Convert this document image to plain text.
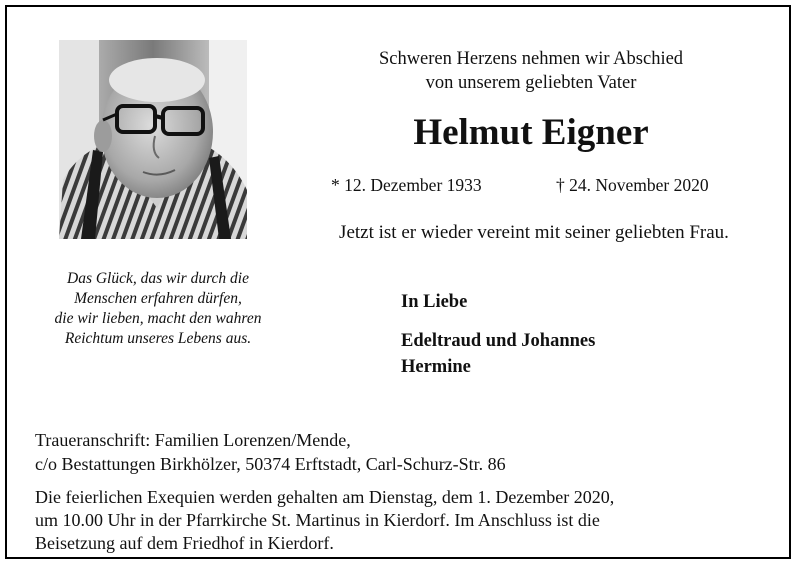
Das Glück, das wir durch die
Menschen erfahren dürfen,
die wir lieben, macht den wahren
Reichtum unseres Lebens aus.
Schweren Herzens nehmen wir Abschied
von unserem geliebten Vater
Helmut Eigner
* 12. Dezember 1933	† 24. November 2020
Jetzt ist er wieder vereint mit seiner geliebten Frau.
In Liebe
Edeltraud und Johannes
Hermine
Traueranschrift: Familien Lorenzen/Mende,
c/o Bestattungen Birkhölzer, 50374 Erftstadt, Carl-Schurz-Str. 86
Die feierlichen Exequien werden gehalten am Dienstag, dem 1. Dezember 2020,
um 10.00 Uhr in der Pfarrkirche St. Martinus in Kierdorf. Im Anschluss ist die
Beisetzung auf dem Friedhof in Kierdorf.
